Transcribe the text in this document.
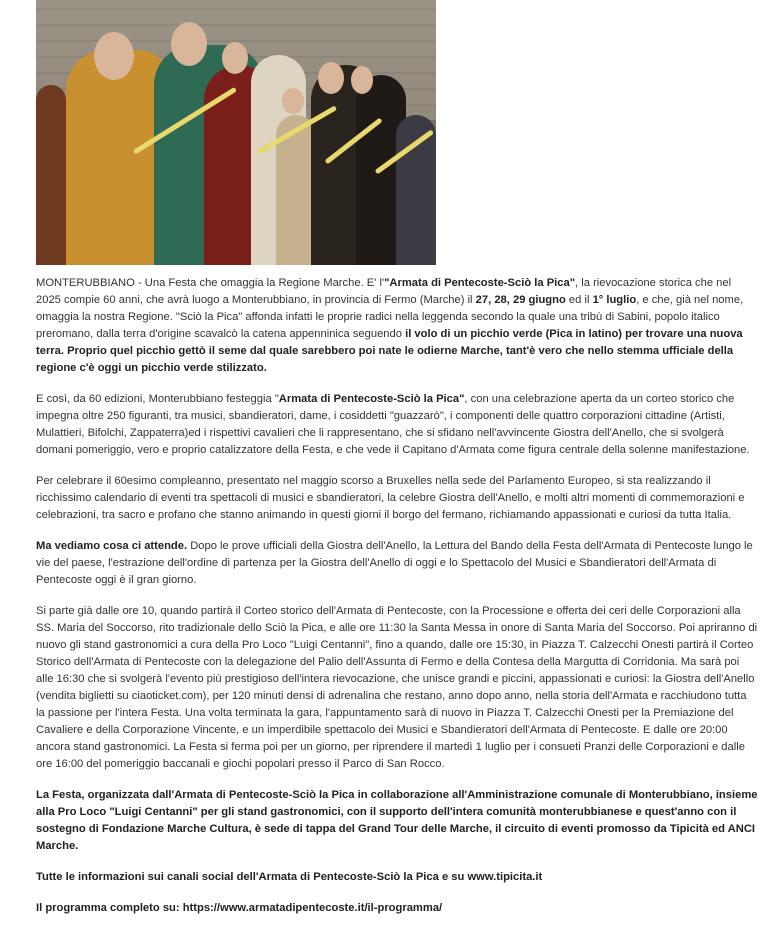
MONTERUBBIANO - Una Festa che omaggia la Regione Marche. E' l'"Armata di Pentecoste-Sciò la Pica", la rievocazione storica che nel 2025 compie 60 anni, che avrà luogo a Monterubbiano, in provincia di Fermo (Marche) il 27, 28, 29 giugno ed il 1° luglio, e che, già nel nome, omaggia la nostra Regione. "Sciò la Pica" affonda infatti le proprie radici nella leggenda secondo la quale una tribù di Sabini, popolo italico preromano, dalla terra d'origine scavalcò la catena appenninica seguendo il volo di un picchio verde (Pica in latino) per trovare una nuova terra. Proprio quel picchio gettò il seme dal quale sarebbero poi nate le odierne Marche, tant'è vero che nello stemma ufficiale della regione c'è oggi un picchio verde stilizzato.

E così, da 60 edizioni, Monterubbiano festeggia "Armata di Pentecoste-Sciò la Pica", con una celebrazione aperta da un corteo storico che impegna oltre 250 figuranti, tra musici, sbandieratori, dame, i cosiddetti "guazzarò", i componenti delle quattro corporazioni cittadine (Artisti, Mulattieri, Bifolchi, Zappaterra)ed i rispettivi cavalieri che li rappresentano, che si sfidano nell'avvincente Giostra dell'Anello, che si svolgerà domani pomeriggio, vero e proprio catalizzatore della Festa, e che vede il Capitano d'Armata come figura centrale della solenne manifestazione.

Per celebrare il 60esimo compleanno, presentato nel maggio scorso a Bruxelles nella sede del Parlamento Europeo, si sta realizzando il ricchissimo calendario di eventi tra spettacoli di musici e sbandieratori, la celebre Giostra dell'Anello, e molti altri momenti di commemorazioni e celebrazioni, tra sacro e profano che stanno animando in questi giorni il borgo del fermano, richiamando appassionati e curiosi da tutta Italia.

Ma vediamo cosa ci attende. Dopo le prove ufficiali della Giostra dell'Anello, la Lettura del Bando della Festa dell'Armata di Pentecoste lungo le vie del paese, l'estrazione dell'ordine di partenza per la Giostra dell'Anello di oggi e lo Spettacolo del Musici e Sbandieratori dell'Armata di Pentecoste oggi è il gran giorno.

Si parte già dalle ore 10, quando partirà il Corteo storico dell'Armata di Pentecoste, con la Processione e offerta dei ceri delle Corporazioni alla SS. Maria del Soccorso, rito tradizionale dello Sciò la Pica, e alle ore 11:30 la Santa Messa in onore di Santa Maria del Soccorso. Poi apriranno di nuovo gli stand gastronomici a cura della Pro Loco "Luigi Centanni", fino a quando, dalle ore 15:30, in Piazza T. Calzecchi Onesti partirà il Corteo Storico dell'Armata di Pentecoste con la delegazione del Palio dell'Assunta di Fermo e della Contesa della Margutta di Corridonia. Ma sarà poi alle 16:30 che si svolgerà l'evento più prestigioso dell'intera rievocazione, che unisce grandi e piccini, appassionati e curiosi: la Giostra dell'Anello (vendita biglietti su ciaoticket.com), per 120 minuti densi di adrenalina che restano, anno dopo anno, nella storia dell'Armata e racchiudono tutta la passione per l'intera Festa. Una volta terminata la gara, l'appuntamento sarà di nuovo in Piazza T. Calzecchi Onesti per la Premiazione del Cavaliere e della Corporazione Vincente, e un imperdibile spettacolo dei Musici e Sbandieratori dell'Armata di Pentecoste. E dalle ore 20:00 ancora stand gastronomici. La Festa si ferma poi per un giorno, per riprendere il martedì 1 luglio per i consueti Pranzi delle Corporazioni e dalle ore 16:00 del pomeriggio baccanali e giochi popolari presso il Parco di San Rocco.

La Festa, organizzata dall'Armata di Pentecoste-Sciò la Pica in collaborazione all'Amministrazione comunale di Monterubbiano, insieme alla Pro Loco "Luigi Centanni" per gli stand gastronomici, con il supporto dell'intera comunità monterubbianese e quest'anno con il sostegno di Fondazione Marche Cultura, è sede di tappa del Grand Tour delle Marche, il circuito di eventi promosso da Tipicità ed ANCI Marche.

Tutte le informazioni sui canali social dell'Armata di Pentecoste-Sciò la Pica e su www.tipicita.it

Il programma completo su: https://www.armatadipentecoste.it/il-programma/
